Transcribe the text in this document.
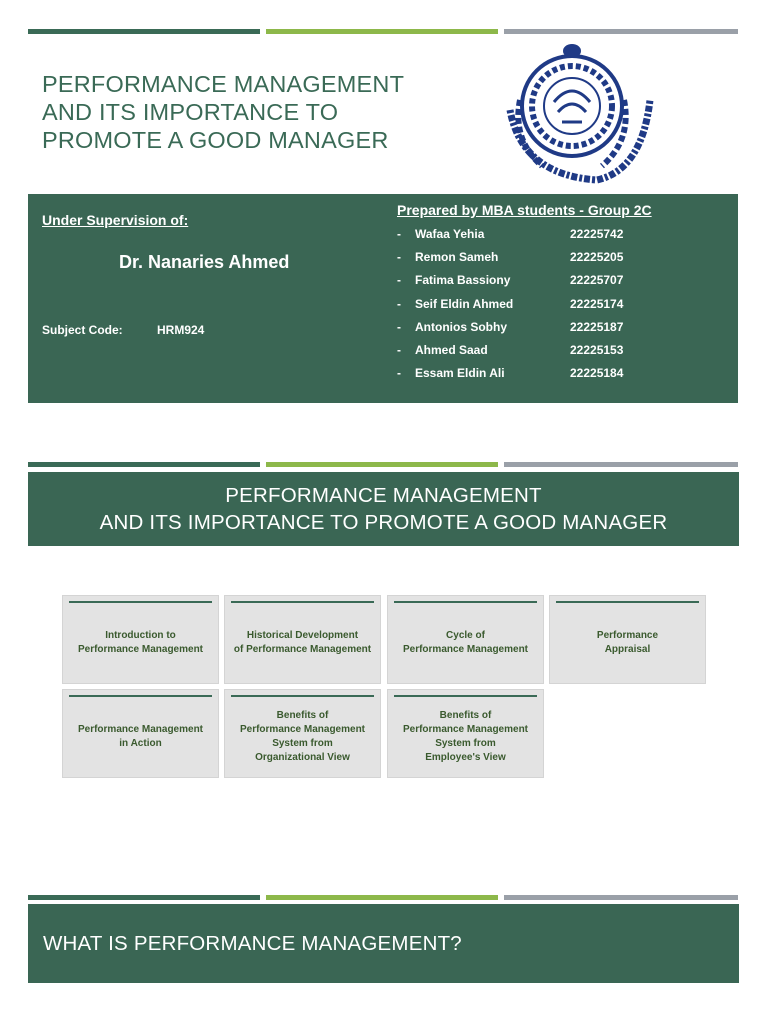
PERFORMANCE MANAGEMENT
AND ITS IMPORTANCE TO
PROMOTE A GOOD MANAGER
Under Supervision of:
Dr. Nanaries Ahmed
Subject Code:	HRM924
Prepared by MBA students - Group 2C
-	Wafaa Yehia	22225742
-	Remon Sameh	22225205
-	Fatima Bassiony	22225707
-	Seif Eldin Ahmed	22225174
-	Antonios Sobhy	22225187
-	Ahmed Saad	22225153
-	Essam Eldin Ali	22225184
PERFORMANCE MANAGEMENT
AND ITS IMPORTANCE TO PROMOTE A GOOD MANAGER
Introduction to
Performance Management
Historical Development
of Performance Management
Cycle of
Performance Management
Performance
Appraisal
Performance Management
in Action
Benefits of
Performance Management
System from
Organizational View
Benefits of
Performance Management
System from
Employee's View
WHAT IS PERFORMANCE MANAGEMENT?
